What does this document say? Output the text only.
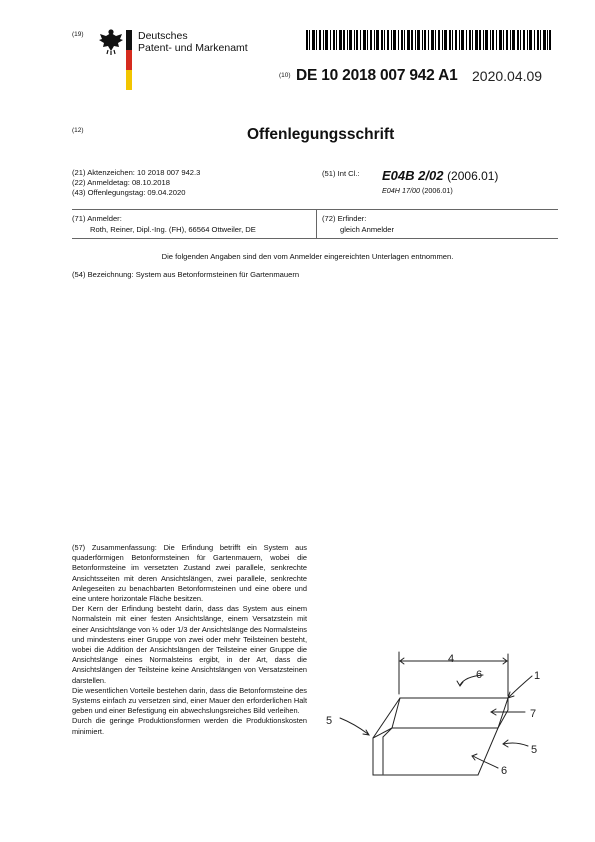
(19)	Deutsches
Patent- und Markenamt
(10) DE 10 2018 007 942 A1 2020.04.09
(12)	Offenlegungsschrift
(21) Aktenzeichen: 10 2018 007 942.3
(22) Anmeldetag: 08.10.2018
(43) Offenlegungstag: 09.04.2020
(51) Int Cl.: E04B 2/02 (2006.01)
E04H 17/00 (2006.01)
(71) Anmelder:
Roth, Reiner, Dipl.-Ing. (FH), 66564 Ottweiler, DE
(72) Erfinder:
gleich Anmelder
Die folgenden Angaben sind den vom Anmelder eingereichten Unterlagen entnommen.
(54) Bezeichnung: System aus Betonformsteinen für Gartenmauern

(57) Zusammenfassung: Die Erfindung betrifft ein System aus quaderförmigen Betonformsteinen für Gartenmauern, wobei die Betonformsteine im versetzten Zustand zwei parallele, senkrechte Ansichtsseiten mit deren Ansichtslängen, zwei parallele, senkrechte Anlegeseiten zu benachbarten Betonformsteinen und eine obere und eine untere horizontale Fläche besitzen.

Der Kern der Erfindung besteht darin, dass das System aus einem Normalstein mit einer festen Ansichtslänge, einem Versatzstein mit einer Ansichtslänge von ½ oder 1/3 der Ansichtslänge des Normalsteins und mindestens einer Gruppe von zwei oder mehr Teilsteinen besteht, wobei die Addition der Ansichtslängen der Teilsteine einer Gruppe die Ansichtslänge eines Normalsteins ergibt, in der Art, dass die Ansichtslängen der Teilsteine keine Ansichtslängen von Versatzsteinen darstellen.

Die wesentlichen Vorteile bestehen darin, dass die Betonformsteine des Systems einfach zu versetzen sind, einer Mauer den erforderlichen Halt geben und einer Befestigung ein abwechslungsreiches Bild verleihen.

Durch die geringe Produktionsformen werden die Produktionskosten minimiert.

4
6	1
7
5
5
6
